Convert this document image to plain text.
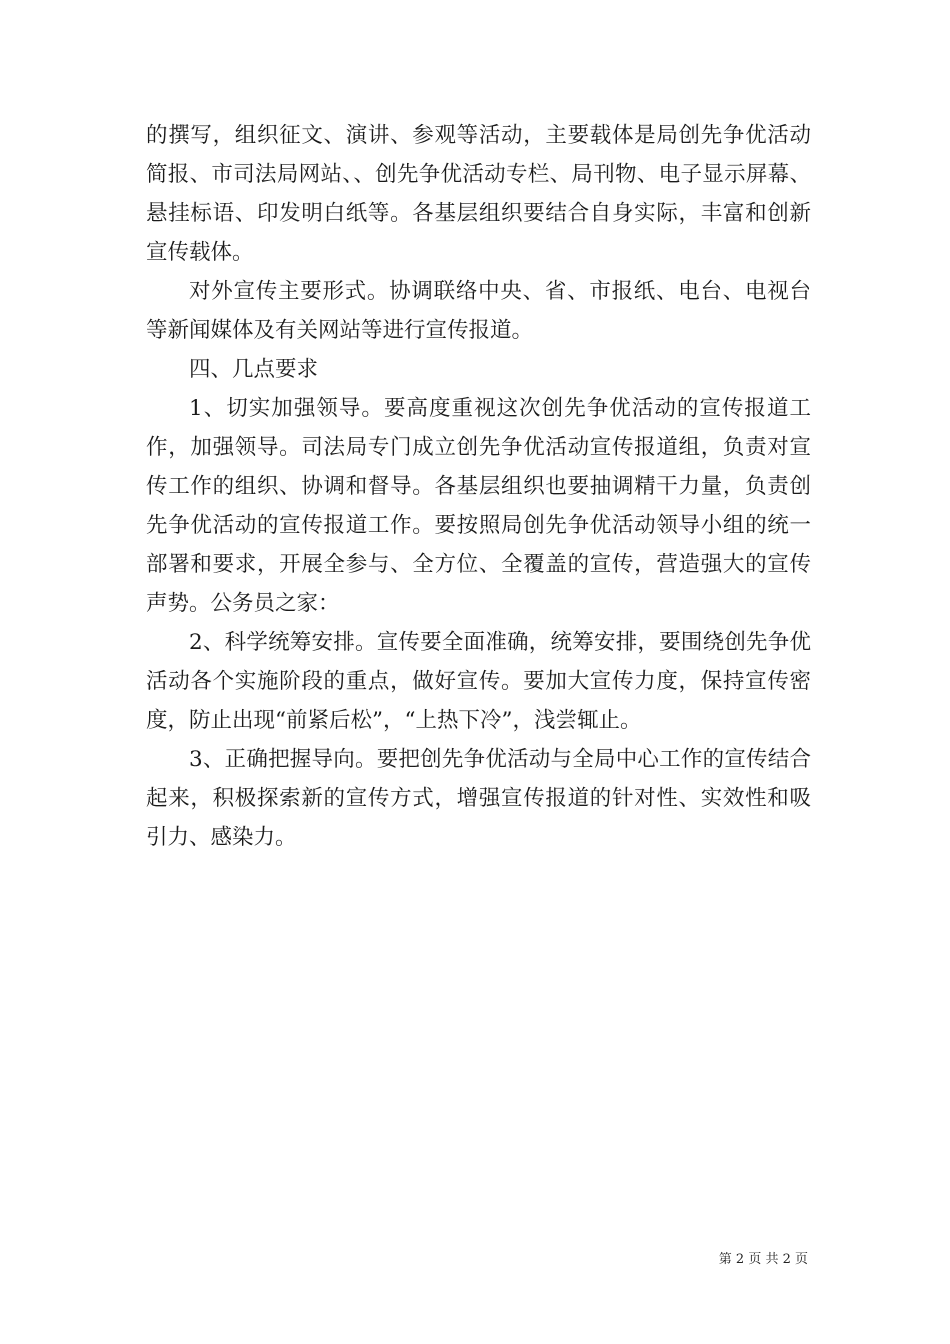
的撰写，组织征文、演讲、参观等活动，主要载体是局创先争优活动简报、市司法局网站、、创先争优活动专栏、局刊物、电子显示屏幕、悬挂标语、印发明白纸等。各基层组织要结合自身实际，丰富和创新宣传载体。

对外宣传主要形式。协调联络中央、省、市报纸、电台、电视台等新闻媒体及有关网站等进行宣传报道。

四、几点要求

1、切实加强领导。要高度重视这次创先争优活动的宣传报道工作，加强领导。司法局专门成立创先争优活动宣传报道组，负责对宣传工作的组织、协调和督导。各基层组织也要抽调精干力量，负责创先争优活动的宣传报道工作。要按照局创先争优活动领导小组的统一部署和要求，开展全参与、全方位、全覆盖的宣传，营造强大的宣传声势。公务员之家：

2、科学统筹安排。宣传要全面准确，统筹安排，要围绕创先争优活动各个实施阶段的重点，做好宣传。要加大宣传力度，保持宣传密度，防止出现“前紧后松”，“上热下冷”，浅尝辄止。

3、正确把握导向。要把创先争优活动与全局中心工作的宣传结合起来，积极探索新的宣传方式，增强宣传报道的针对性、实效性和吸引力、感染力。

第 2 页 共 2 页
